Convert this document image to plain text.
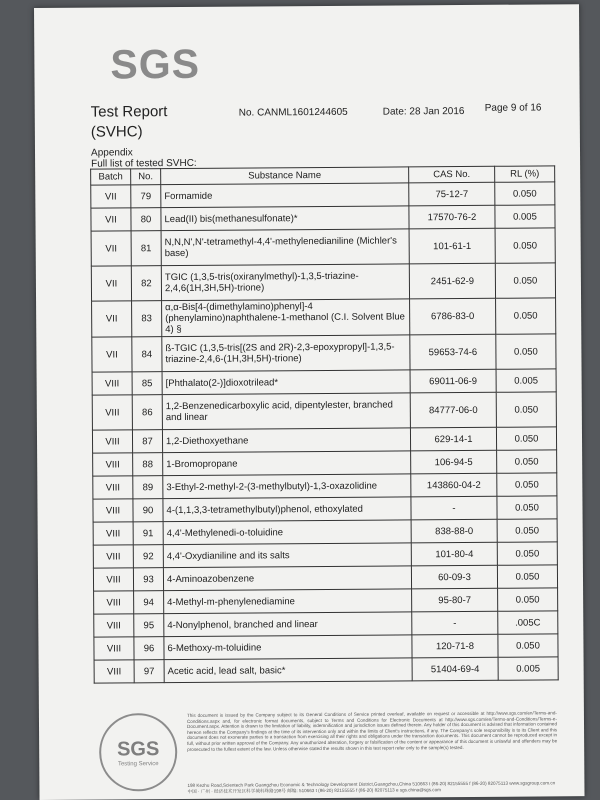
SGS
Test Report
(SVHC)
No. CANML1601244605	Date: 28 Jan 2016 Page 9 of 16
Appendix
Full list of tested SVHC:
Batch	No.	Substance Name	CAS No.	RL (%)
VII	79	Formamide	75-12-7	0.050
VII	80	Lead(II) bis(methanesulfonate)*	17570-76-2	0.005
VII	81	N,N,N',N'-tetramethyl-4,4'-methylenedianiline (Michler's base)	101-61-1	0.050
VII	82	TGIC (1,3,5-tris(oxiranylmethyl)-1,3,5-triazine-2,4,6(1H,3H,5H)-trione)	2451-62-9	0.050
VII	83	α,α-Bis[4-(dimethylamino)phenyl]-4 (phenylamino)naphthalene-1-methanol (C.I. Solvent Blue 4) §	6786-83-0	0.050
VII	84	ß-TGIC (1,3,5-tris[(2S and 2R)-2,3-epoxypropyl]-1,3,5-triazine-2,4,6-(1H,3H,5H)-trione)	59653-74-6	0.050
VIII	85	[Phthalato(2-)]dioxotrilead*	69011-06-9	0.005
VIII	86	1,2-Benzenedicarboxylic acid, dipentylester, branched and linear	84777-06-0	0.050
VIII	87	1,2-Diethoxyethane	629-14-1	0.050
VIII	88	1-Bromopropane	106-94-5	0.050
VIII	89	3-Ethyl-2-methyl-2-(3-methylbutyl)-1,3-oxazolidine	143860-04-2	0.050
VIII	90	4-(1,1,3,3-tetramethylbutyl)phenol, ethoxylated	-	0.050
VIII	91	4,4'-Methylenedi-o-toluidine	838-88-0	0.050
VIII	92	4,4'-Oxydianiline and its salts	101-80-4	0.050
VIII	93	4-Aminoazobenzene	60-09-3	0.050
VIII	94	4-Methyl-m-phenylenediamine	95-80-7	0.050
VIII	95	4-Nonylphenol, branched and linear	-	.005C
VIII	96	6-Methoxy-m-toluidine	120-71-8	0.050
VIII	97	Acetic acid, lead salt, basic*	51404-69-4	0.005
SGS
Testing Service
This document is issued by the Company subject to its General Conditions of Service printed overleaf, available on request or accessible at http://www.sgs.com/en/Terms-and-Conditions.aspx and, for electronic format documents, subject to Terms and Conditions for Electronic Documents at http://www.sgs.com/en/Terms-and-Conditions/Terms-e-Document.aspx. Attention is drawn to the limitation of liability, indemnification and jurisdiction issues defined therein. Any holder of this document is advised that information contained hereon reflects the Company's findings at the time of its intervention only and within the limits of Client's instructions, if any. The Company's sole responsibility is to its Client and this document does not exonerate parties to a transaction from exercising all their rights and obligations under the transaction documents. This document cannot be reproduced except in full, without prior written approval of the Company. Any unauthorized alteration, forgery or falsification of the content or appearance of this document is unlawful and offenders may be prosecuted to the fullest extent of the law. Unless otherwise stated the results shown in this test report refer only to the sample(s) tested.
198 Kezhu Road,Scientech Park Guangzhou Economic & Technology Development District,Guangzhou,China 510663 t (86-20) 82155555 f (86-20) 82075113 www.sgsgroup.com.cn
中国 · 广州 · 经济技术开发区科学城科珠路198号 邮编: 510663 t (86-20) 82155555 f (86-20) 82075113 e sgs.china@sgs.com
